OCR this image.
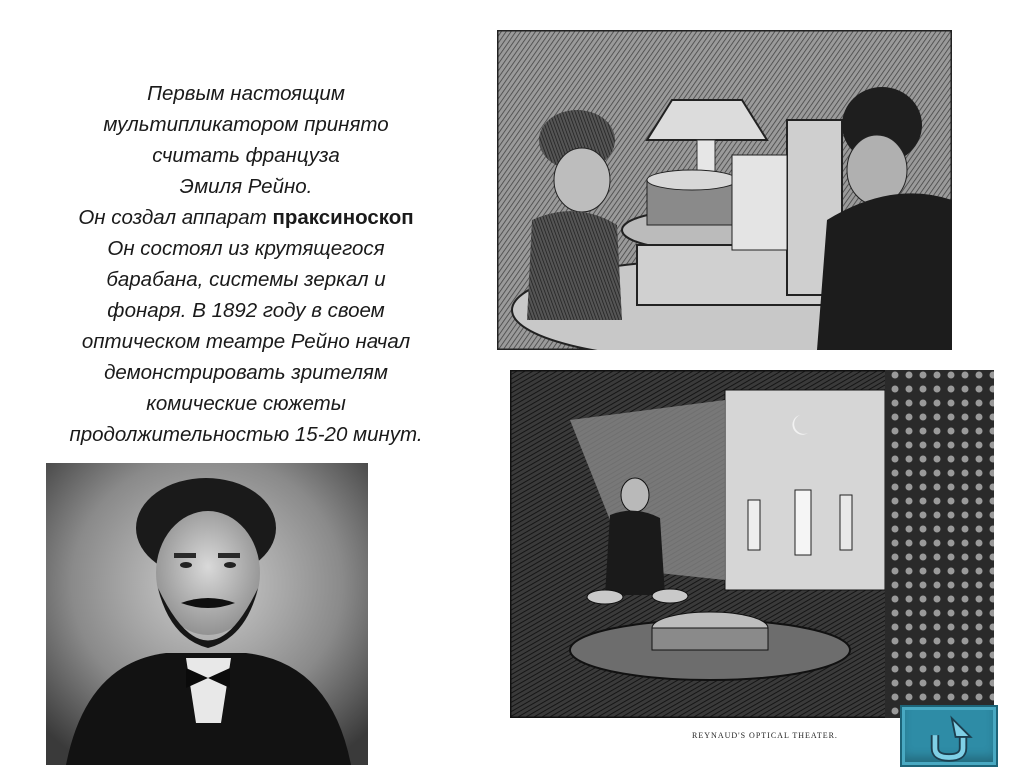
Первым настоящим
мультипликатором принято
считать француза
Эмиля Рейно.
Он создал аппарат праксиноскоп
Он состоял из крутящегося
барабана, системы зеркал и
фонаря. В 1892 году в своем
оптическом театре Рейно начал
демонстрировать зрителям
комические сюжеты
продолжительностью 15-20 минут.
REYNAUD'S OPTICAL THEATER.
